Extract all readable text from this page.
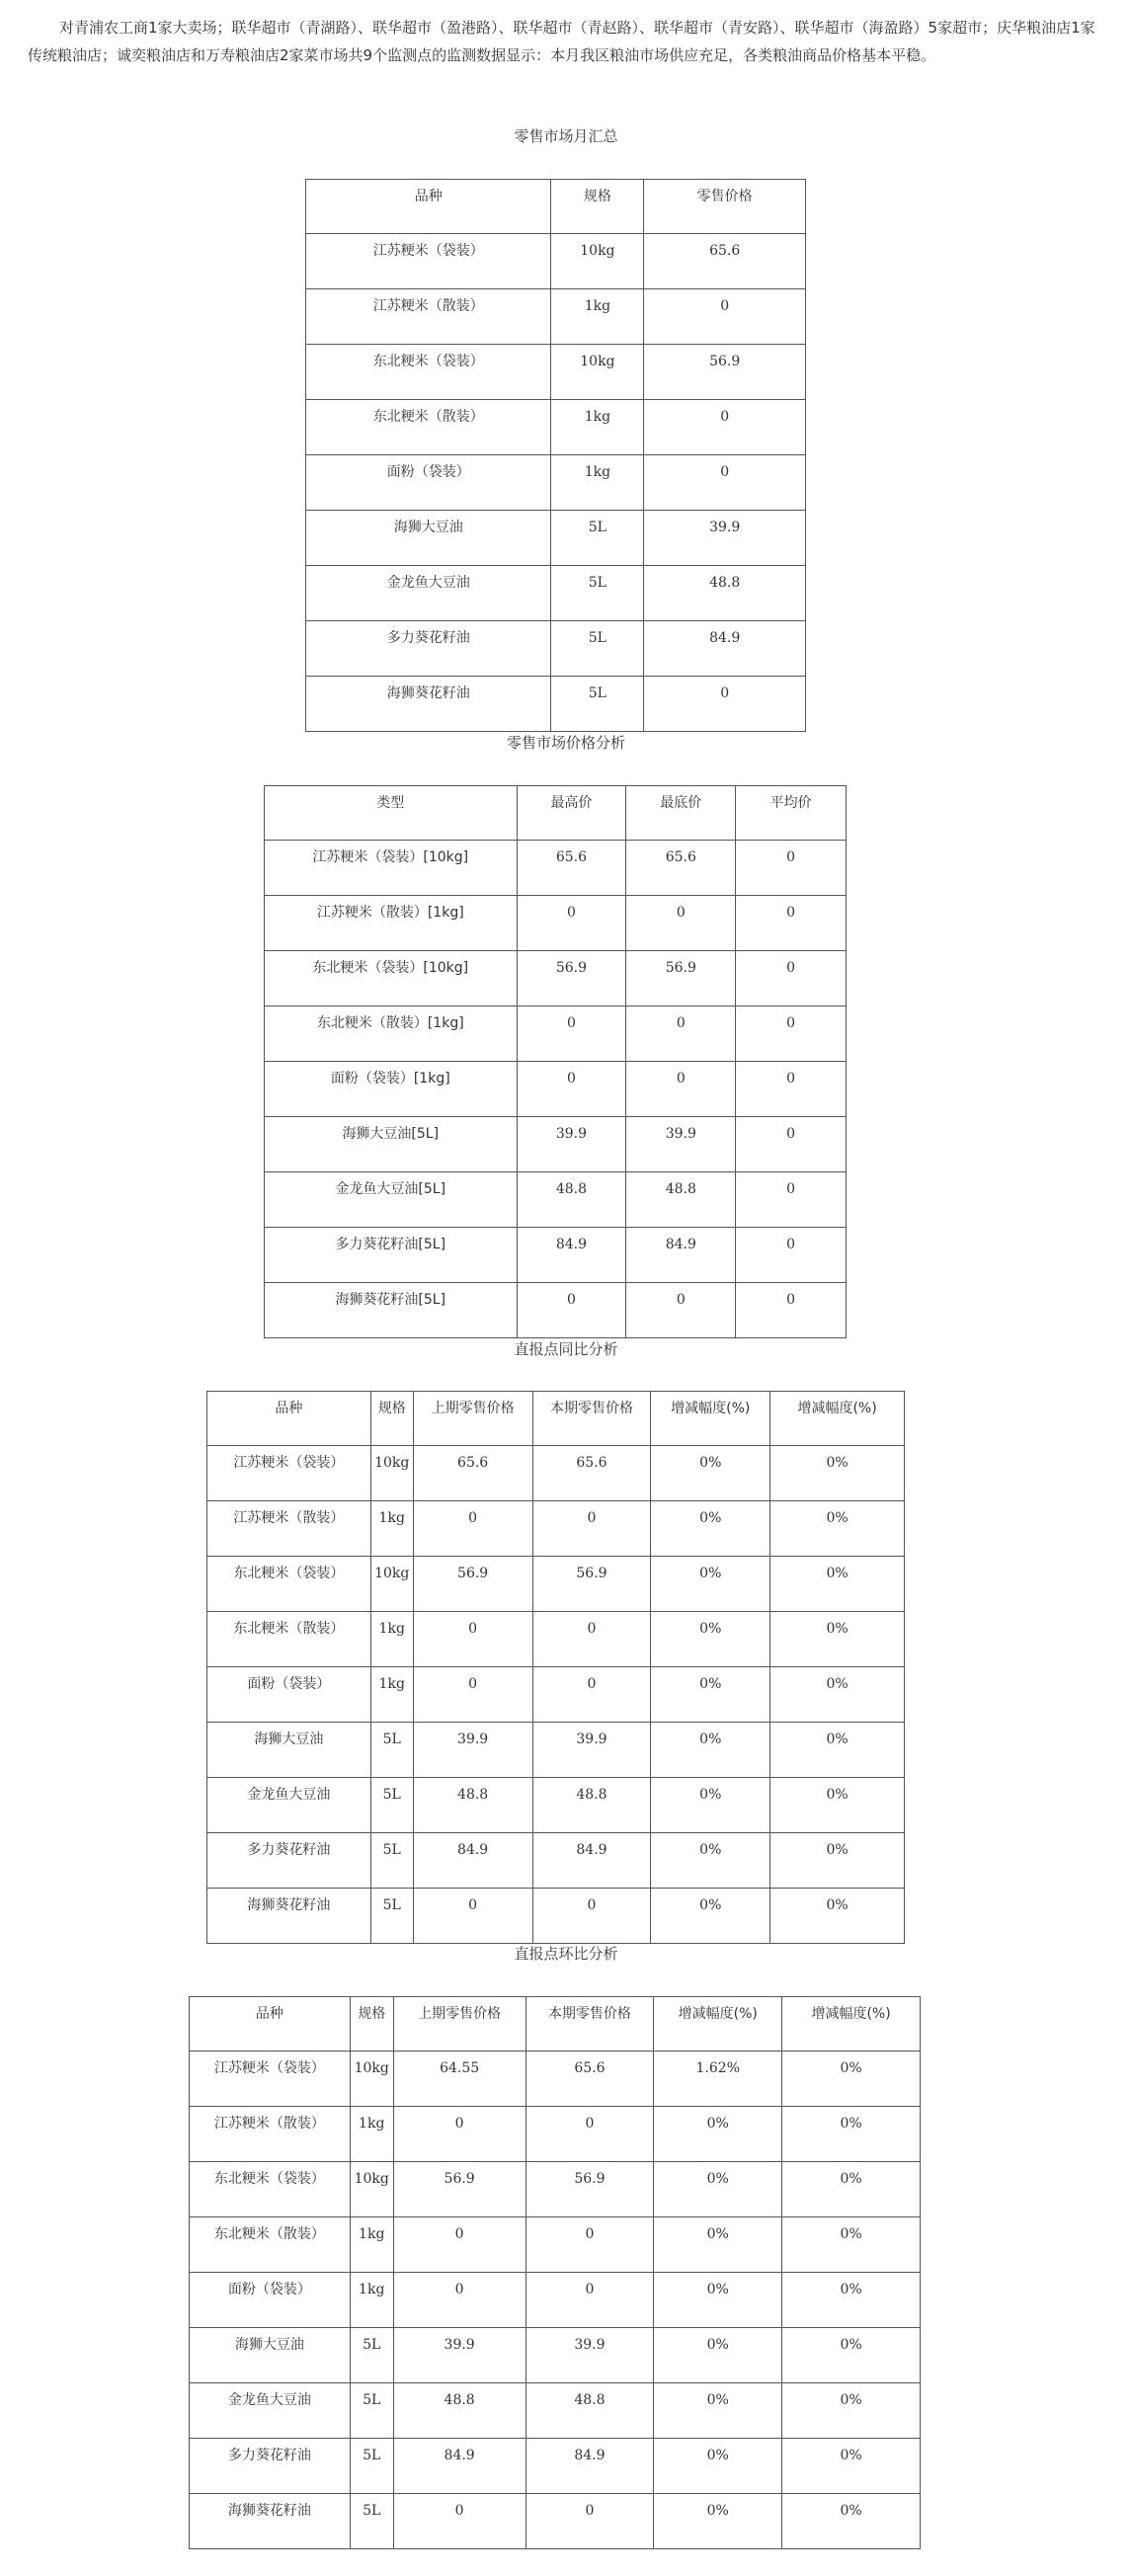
对青浦农工商1家大卖场；联华超市（青湖路）、联华超市（盈港路）、联华超市（青赵路）、联华超市（青安路）、联华超市（海盈路）5家超市；庆华粮油店1家传统粮油店；诚奕粮油店和万寿粮油店2家菜市场共9个监测点的监测数据显示：本月我区粮油市场供应充足，各类粮油商品价格基本平稳。

零售市场月汇总
品种	规格	零售价格
江苏粳米（袋装）	10kg	65.6
江苏粳米（散装）	1kg	0
东北粳米（袋装）	10kg	56.9
东北粳米（散装）	1kg	0
面粉（袋装）	1kg	0
海狮大豆油	5L	39.9
金龙鱼大豆油	5L	48.8
多力葵花籽油	5L	84.9
海狮葵花籽油	5L	0
零售市场价格分析
类型	最高价	最底价	平均价
江苏粳米（袋装）[10kg]	65.6	65.6	0
江苏粳米（散装）[1kg]	0	0	0
东北粳米（袋装）[10kg]	56.9	56.9	0
东北粳米（散装）[1kg]	0	0	0
面粉（袋装）[1kg]	0	0	0
海狮大豆油[5L]	39.9	39.9	0
金龙鱼大豆油[5L]	48.8	48.8	0
多力葵花籽油[5L]	84.9	84.9	0
海狮葵花籽油[5L]	0	0	0
直报点同比分析
品种	规格	上期零售价格	本期零售价格	增减幅度(%)	增减幅度(%)
江苏粳米（袋装）	10kg	65.6	65.6	0%	0%
江苏粳米（散装）	1kg	0	0	0%	0%
东北粳米（袋装）	10kg	56.9	56.9	0%	0%
东北粳米（散装）	1kg	0	0	0%	0%
面粉（袋装）	1kg	0	0	0%	0%
海狮大豆油	5L	39.9	39.9	0%	0%
金龙鱼大豆油	5L	48.8	48.8	0%	0%
多力葵花籽油	5L	84.9	84.9	0%	0%
海狮葵花籽油	5L	0	0	0%	0%
直报点环比分析
品种	规格	上期零售价格	本期零售价格	增减幅度(%)	增减幅度(%)
江苏粳米（袋装）	10kg	64.55	65.6	1.62%	0%
江苏粳米（散装）	1kg	0	0	0%	0%
东北粳米（袋装）	10kg	56.9	56.9	0%	0%
东北粳米（散装）	1kg	0	0	0%	0%
面粉（袋装）	1kg	0	0	0%	0%
海狮大豆油	5L	39.9	39.9	0%	0%
金龙鱼大豆油	5L	48.8	48.8	0%	0%
多力葵花籽油	5L	84.9	84.9	0%	0%
海狮葵花籽油	5L	0	0	0%	0%
